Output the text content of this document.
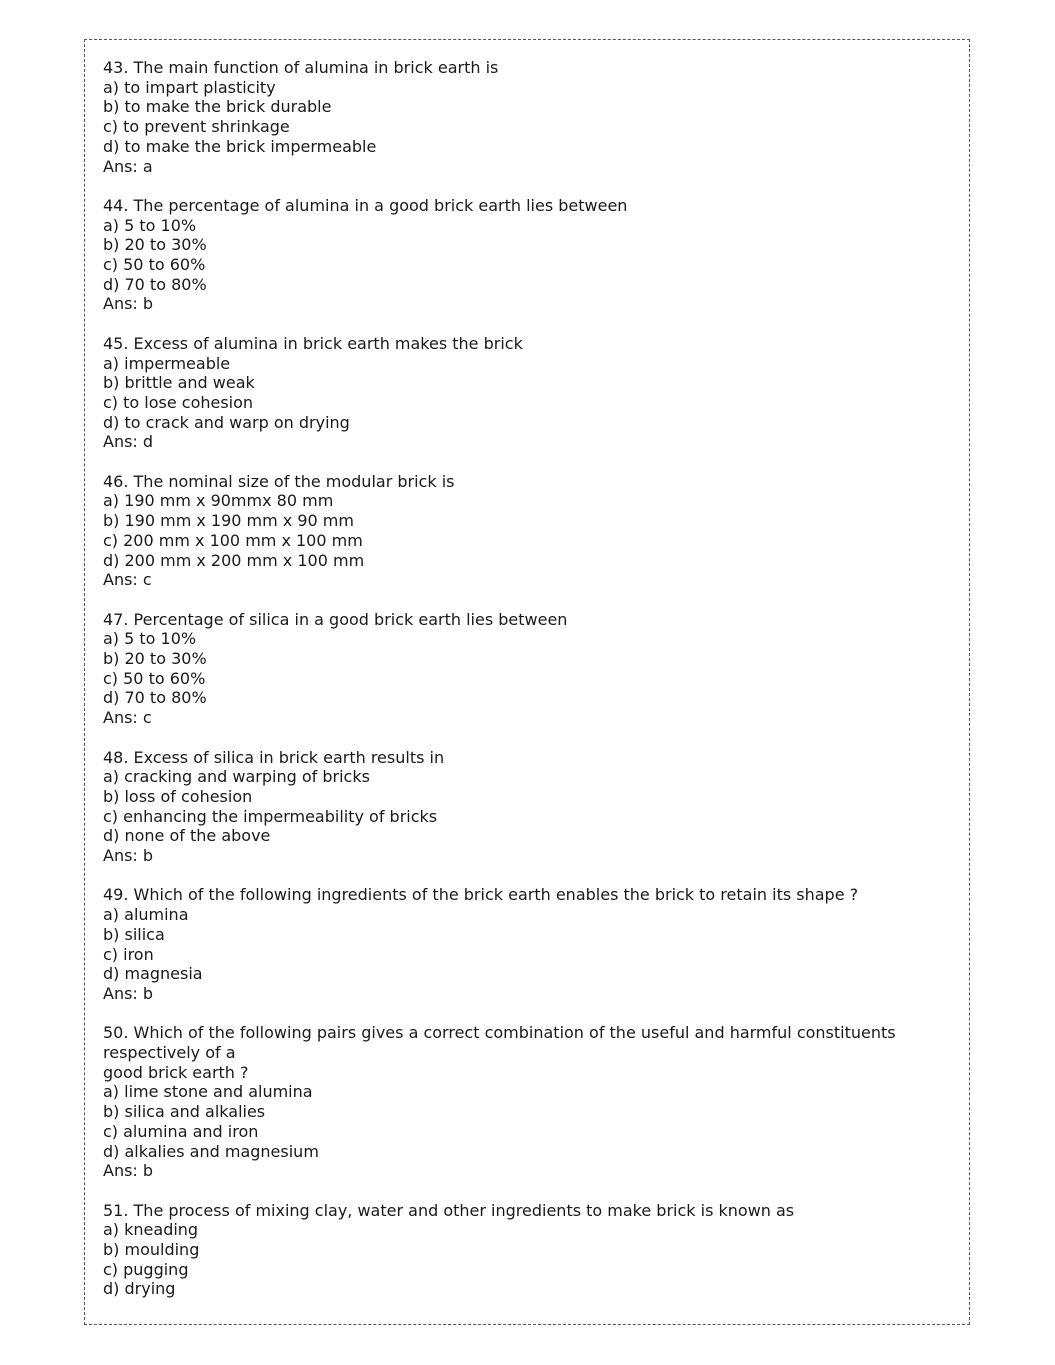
43. The main function of alumina in brick earth is
a) to impart plasticity
b) to make the brick durable
c) to prevent shrinkage
d) to make the brick impermeable
Ans: a
44. The percentage of alumina in a good brick earth lies between
a) 5 to 10%
b) 20 to 30%
c) 50 to 60%
d) 70 to 80%
Ans: b
45. Excess of alumina in brick earth makes the brick
a) impermeable
b) brittle and weak
c) to lose cohesion
d) to crack and warp on drying
Ans: d
46. The nominal size of the modular brick is
a) 190 mm x 90mmx 80 mm
b) 190 mm x 190 mm x 90 mm
c) 200 mm x 100 mm x 100 mm
d) 200 mm x 200 mm x 100 mm
Ans: c
47. Percentage of silica in a good brick earth lies between
a) 5 to 10%
b) 20 to 30%
c) 50 to 60%
d) 70 to 80%
Ans: c
48. Excess of silica in brick earth results in
a) cracking and warping of bricks
b) loss of cohesion
c) enhancing the impermeability of bricks
d) none of the above
Ans: b
49. Which of the following ingredients of the brick earth enables the brick to retain its shape ?
a) alumina
b) silica
c) iron
d) magnesia
Ans: b
50. Which of the following pairs gives a correct combination of the useful and harmful constituents
respectively of a
good brick earth ?
a) lime stone and alumina
b) silica and alkalies
c) alumina and iron
d) alkalies and magnesium
Ans: b
51. The process of mixing clay, water and other ingredients to make brick is known as
a) kneading
b) moulding
c) pugging
d) drying
